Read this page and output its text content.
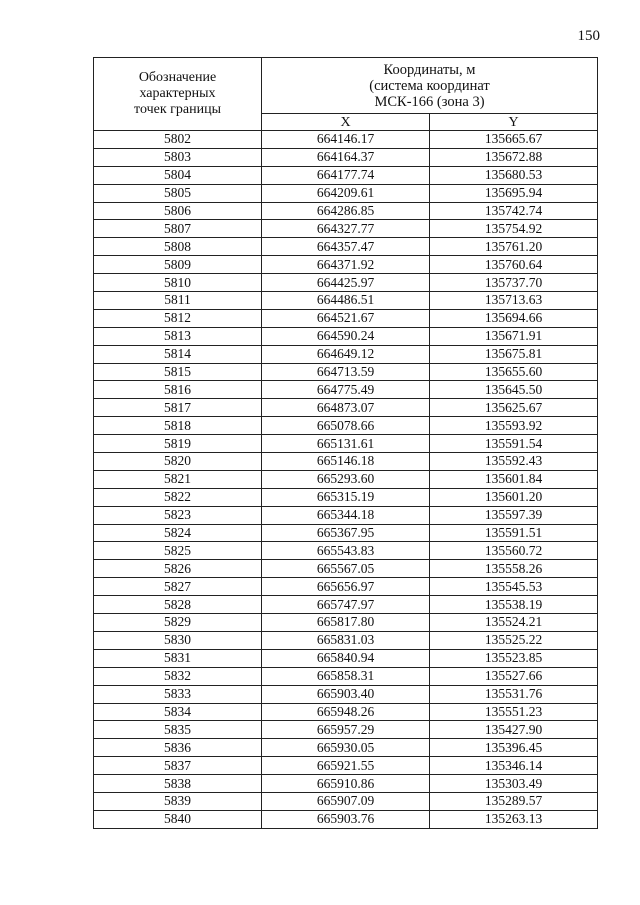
150
Обозначение
характерных
точек границы	Координаты, м
(система координат
МСК-166 (зона 3)	

	X	Y
5802	664146.17	135665.67
5803	664164.37	135672.88
5804	664177.74	135680.53
5805	664209.61	135695.94
5806	664286.85	135742.74
5807	664327.77	135754.92
5808	664357.47	135761.20
5809	664371.92	135760.64
5810	664425.97	135737.70
5811	664486.51	135713.63
5812	664521.67	135694.66
5813	664590.24	135671.91
5814	664649.12	135675.81
5815	664713.59	135655.60
5816	664775.49	135645.50
5817	664873.07	135625.67
5818	665078.66	135593.92
5819	665131.61	135591.54
5820	665146.18	135592.43
5821	665293.60	135601.84
5822	665315.19	135601.20
5823	665344.18	135597.39
5824	665367.95	135591.51
5825	665543.83	135560.72
5826	665567.05	135558.26
5827	665656.97	135545.53
5828	665747.97	135538.19
5829	665817.80	135524.21
5830	665831.03	135525.22
5831	665840.94	135523.85
5832	665858.31	135527.66
5833	665903.40	135531.76
5834	665948.26	135551.23
5835	665957.29	135427.90
5836	665930.05	135396.45
5837	665921.55	135346.14
5838	665910.86	135303.49
5839	665907.09	135289.57
5840	665903.76	135263.13
